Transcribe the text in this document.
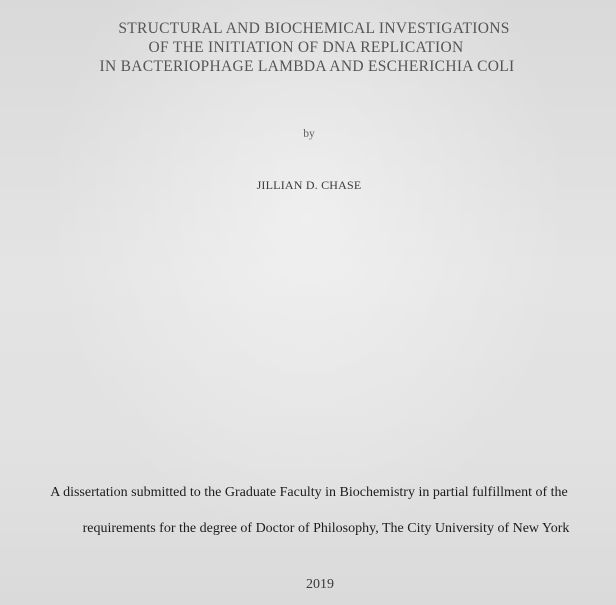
STRUCTURAL AND BIOCHEMICAL INVESTIGATIONS
OF THE INITIATION OF DNA REPLICATION
IN BACTERIOPHAGE LAMBDA AND ESCHERICHIA COLI
by
JILLIAN D. CHASE
A dissertation submitted to the Graduate Faculty in Biochemistry in partial fulfillment of the
requirements for the degree of Doctor of Philosophy, The City University of New York
2019
